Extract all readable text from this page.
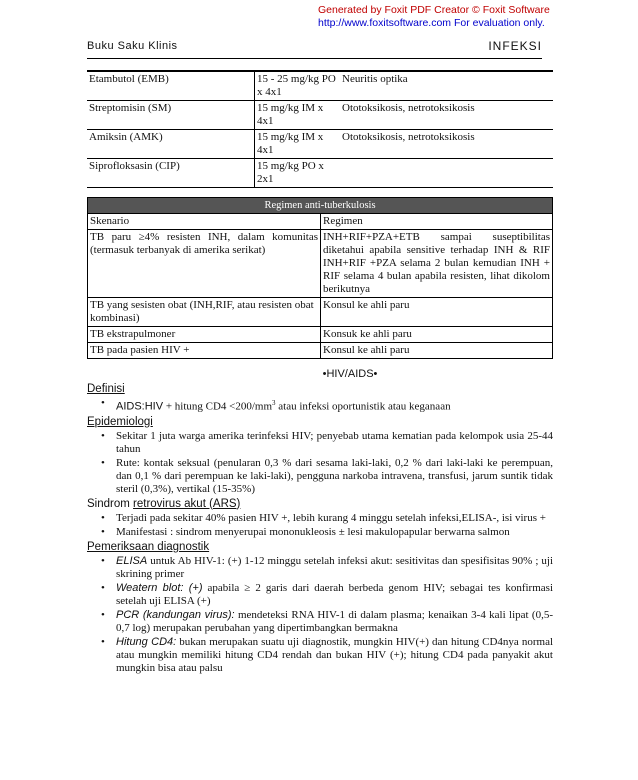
Generated by Foxit PDF Creator © Foxit Software
http://www.foxitsoftware.com For evaluation only.
Buku Saku Klinis	INFEKSI
Etambutol (EMB)	15 - 25 mg/kg PO x 4x1	Neuritis optika
Streptomisin (SM)	15 mg/kg IM x 4x1	Ototoksikosis, netrotoksikosis
Amiksin (AMK)	15 mg/kg IM x 4x1	Ototoksikosis, netrotoksikosis
Siprofloksasin (CIP)	15 mg/kg PO x 2x1	
Regimen anti-tuberkulosis	
Skenario	Regimen
TB paru ≥4% resisten INH, dalam komunitas (termasuk terbanyak di amerika serikat)	INH+RIF+PZA+ETB sampai suseptibilitas diketahui apabila sensitive terhadap INH & RIF INH+RIF +PZA selama 2 bulan kemudian INH + RIF selama 4 bulan apabila resisten, lihat dikolom berikutnya
TB yang sesisten obat (INH,RIF, atau resisten obat kombinasi)	Konsul ke ahli paru
TB ekstrapulmoner	Konsuk ke ahli paru
TB pada pasien HIV +	Konsul ke ahli paru
•HIV/AIDS•
Definisi
• AIDS:HIV + hitung $CD4 <200/mm^3$ atau infeksi oportunistik atau keganaan
Epidemiologi
• Sekitar 1 juta warga amerika terinfeksi HIV; penyebab utama kematian pada kelompok usia 25-44 tahun
• Rute: kontak seksual (penularan 0,3 % dari sesama laki-laki, 0,2 % dari laki-laki ke perempuan, dan 0,1 % dari perempuan ke laki-laki), pengguna narkoba intravena, transfusi, jarum suntik tidak steril (0,3%), vertikal (15-35%)
Sindrom retrovirus akut (ARS)
• Terjadi pada sekitar 40% pasien HIV +, lebih kurang 4 minggu setelah infeksi,ELISA-, isi virus +
• Manifestasi : sindrom menyerupai mononukleosis ± lesi makulopapular berwarna salmon
Pemeriksaan diagnostik
• ELISA untuk Ab HIV-1: (+) 1-12 minggu setelah infeksi akut: sesitivitas dan spesifisitas 90% ; uji skrining primer
• Weatern blot: (+) apabila ≥ 2 garis dari daerah berbeda genom HIV; sebagai tes konfirmasi setelah uji ELISA (+)
• PCR (kandungan virus): mendeteksi RNA HIV-1 di dalam plasma; kenaikan 3-4 kali lipat (0,5-0,7 log) merupakan perubahan yang dipertimbangkan bermakna
• Hitung CD4: bukan merupakan suatu uji diagnostik, mungkin HIV(+) dan hitung CD4nya normal atau mungkin memiliki hitung CD4 rendah dan bukan HIV (+); hitung CD4 pada panyakit akut mungkin bisa atau palsu
